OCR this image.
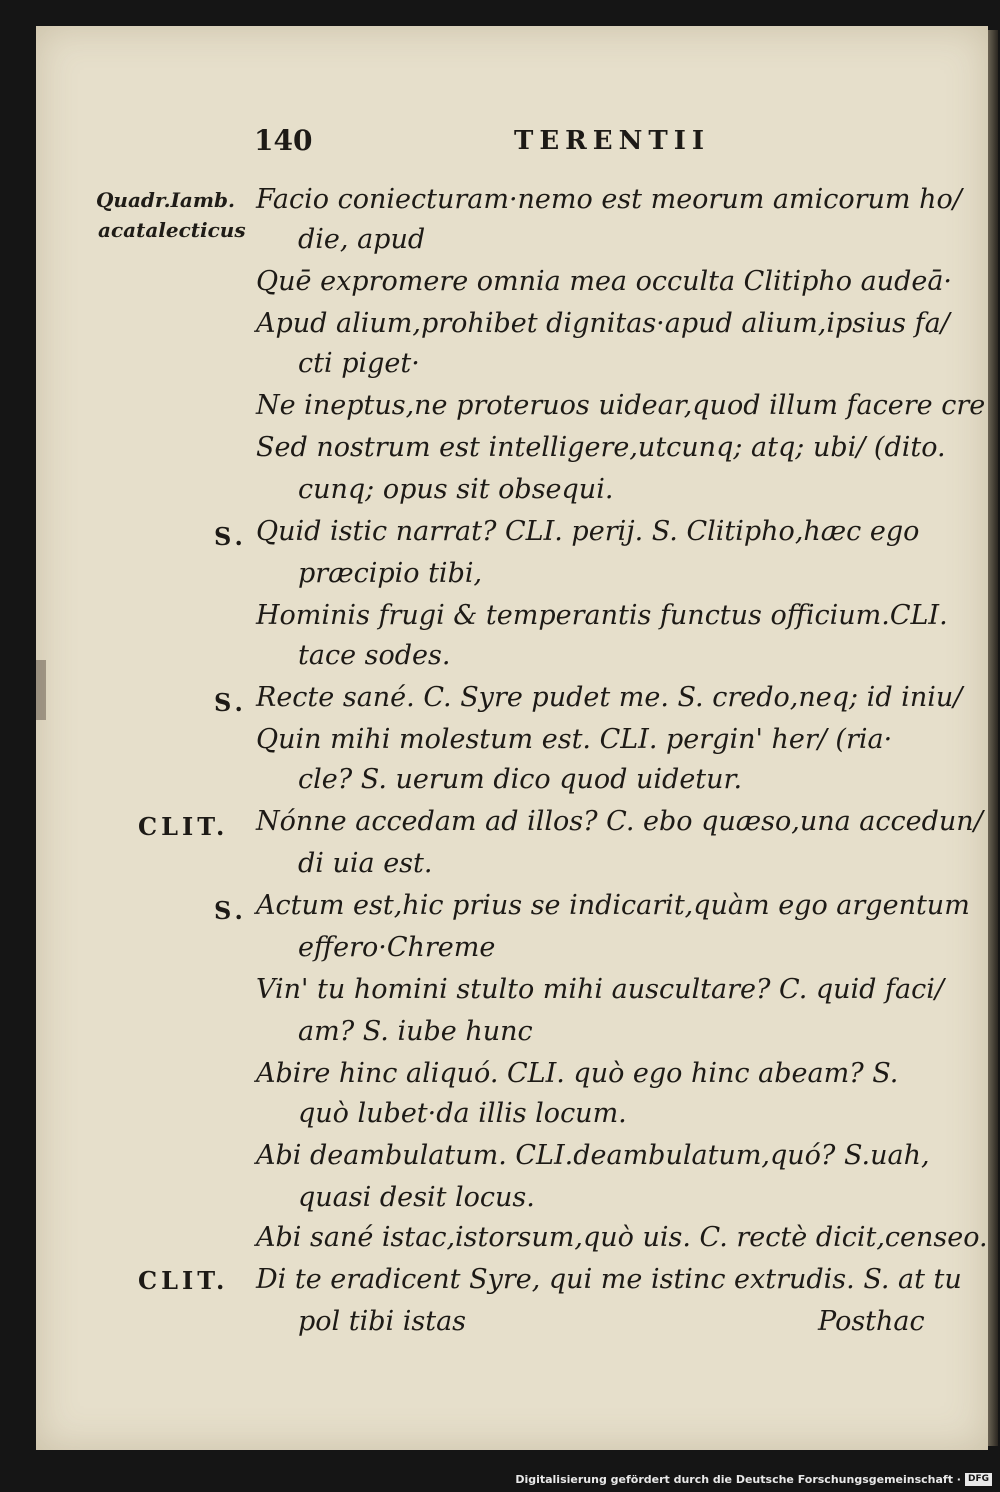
140	TERENTII
Quadr.Iamb.
acatalecticus
S.
S.
CLIT.
S.
CLIT.
Facio coniecturam·nemo est meorum amicorum ho/
die, apud
Quē expromere omnia mea occulta Clitipho audeā·
Apud alium,prohibet dignitas·apud alium,ipsius fa/
cti piget·
Ne ineptus,ne proteruos uidear,quod illum facere cre
Sed nostrum est intelligere,utcunq; atq; ubi/ (dito.
cunq; opus sit obsequi.
Quid istic narrat? CLI. perij. S. Clitipho,hæc ego
præcipio tibi,
Hominis frugi & temperantis functus officium.CLI.
tace sodes.
Recte sané. C. Syre pudet me. S. credo,neq; id iniu/
Quin mihi molestum est. CLI. pergin' her/ (ria·
cle? S. uerum dico quod uidetur.
Nónne accedam ad illos? C. ebo quæso,una accedun/
di uia est.
Actum est,hic prius se indicarit,quàm ego argentum
effero·Chreme
Vin' tu homini stulto mihi auscultare? C. quid faci/
am? S. iube hunc
Abire hinc aliquó. CLI. quò ego hinc abeam? S.
quò lubet·da illis locum.
Abi deambulatum. CLI.deambulatum,quó? S.uah,
quasi desit locus.
Abi sané istac,istorsum,quò uis. C. rectè dicit,censeo.
Di te eradicent Syre, qui me istinc extrudis. S. at tu
pol tibi istas	Posthac
Digitalisierung gefördert durch die Deutsche Forschungsgemeinschaft · DFG
